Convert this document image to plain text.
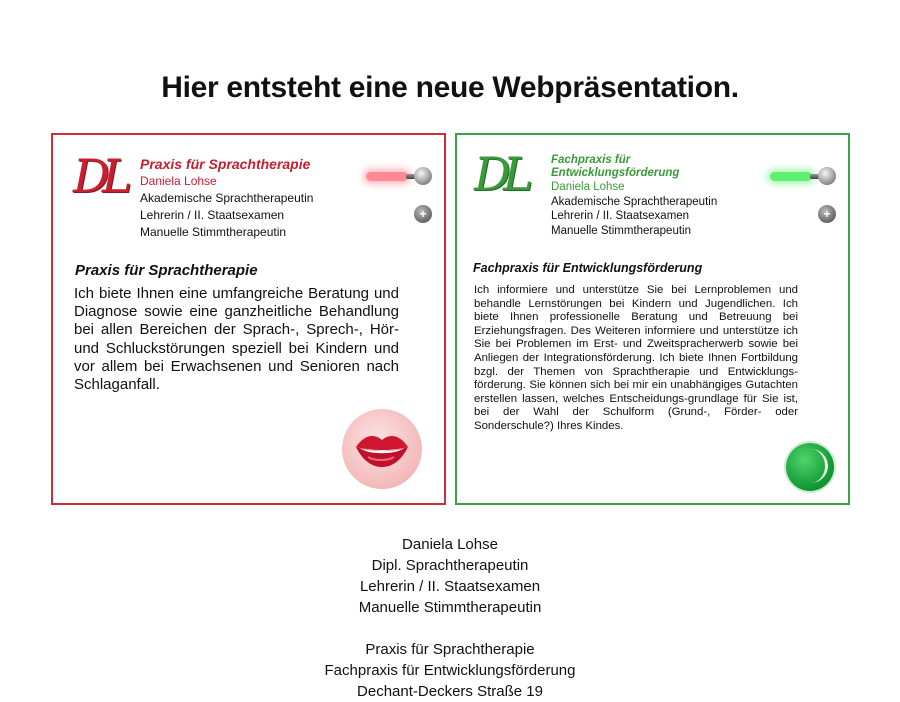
Hier entsteht eine neue Webpräsentation.
DL Praxis für Sprachtherapie
Daniela Lohse
Akademische Sprachtherapeutin
Lehrerin / II. Staatsexamen
Manuelle Stimmtherapeutin
+
Praxis für Sprachtherapie

Ich biete Ihnen eine umfangreiche Beratung und Diagnose sowie eine ganzheitliche Behandlung bei allen Bereichen der Sprach-, Sprech-, Hör- und Schluckstörungen speziell bei Kindern und vor allem bei Erwachsenen und Senioren nach Schlaganfall.

DL Fachpraxis für
Entwicklungsförderung
Daniela Lohse
Akademische Sprachtherapeutin
Lehrerin / II. Staatsexamen
Manuelle Stimmtherapeutin
+
Fachpraxis für Entwicklungsförderung

Ich informiere und unterstütze Sie bei Lernproblemen und behandle Lernstörungen bei Kindern und Jugendlichen. Ich biete Ihnen professionelle Beratung und Betreuung bei Erziehungsfragen. Des Weiteren informiere und unterstütze ich Sie bei Problemen im Erst- und Zweitspracherwerb sowie bei Anliegen der Integrationsförderung. Ich biete Ihnen Fortbildung bzgl. der Themen von Sprachtherapie und Entwicklungs-förderung. Sie können sich bei mir ein unabhängiges Gutachten erstellen lassen, welches Entscheidungs-grundlage für Sie ist, bei der Wahl der Schulform (Grund-, Förder- oder Sonderschule?) Ihres Kindes.

Daniela Lohse
Dipl. Sprachtherapeutin
Lehrerin / II. Staatsexamen
Manuelle Stimmtherapeutin
Praxis für Sprachtherapie
Fachpraxis für Entwicklungsförderung
Dechant-Deckers Straße 19
